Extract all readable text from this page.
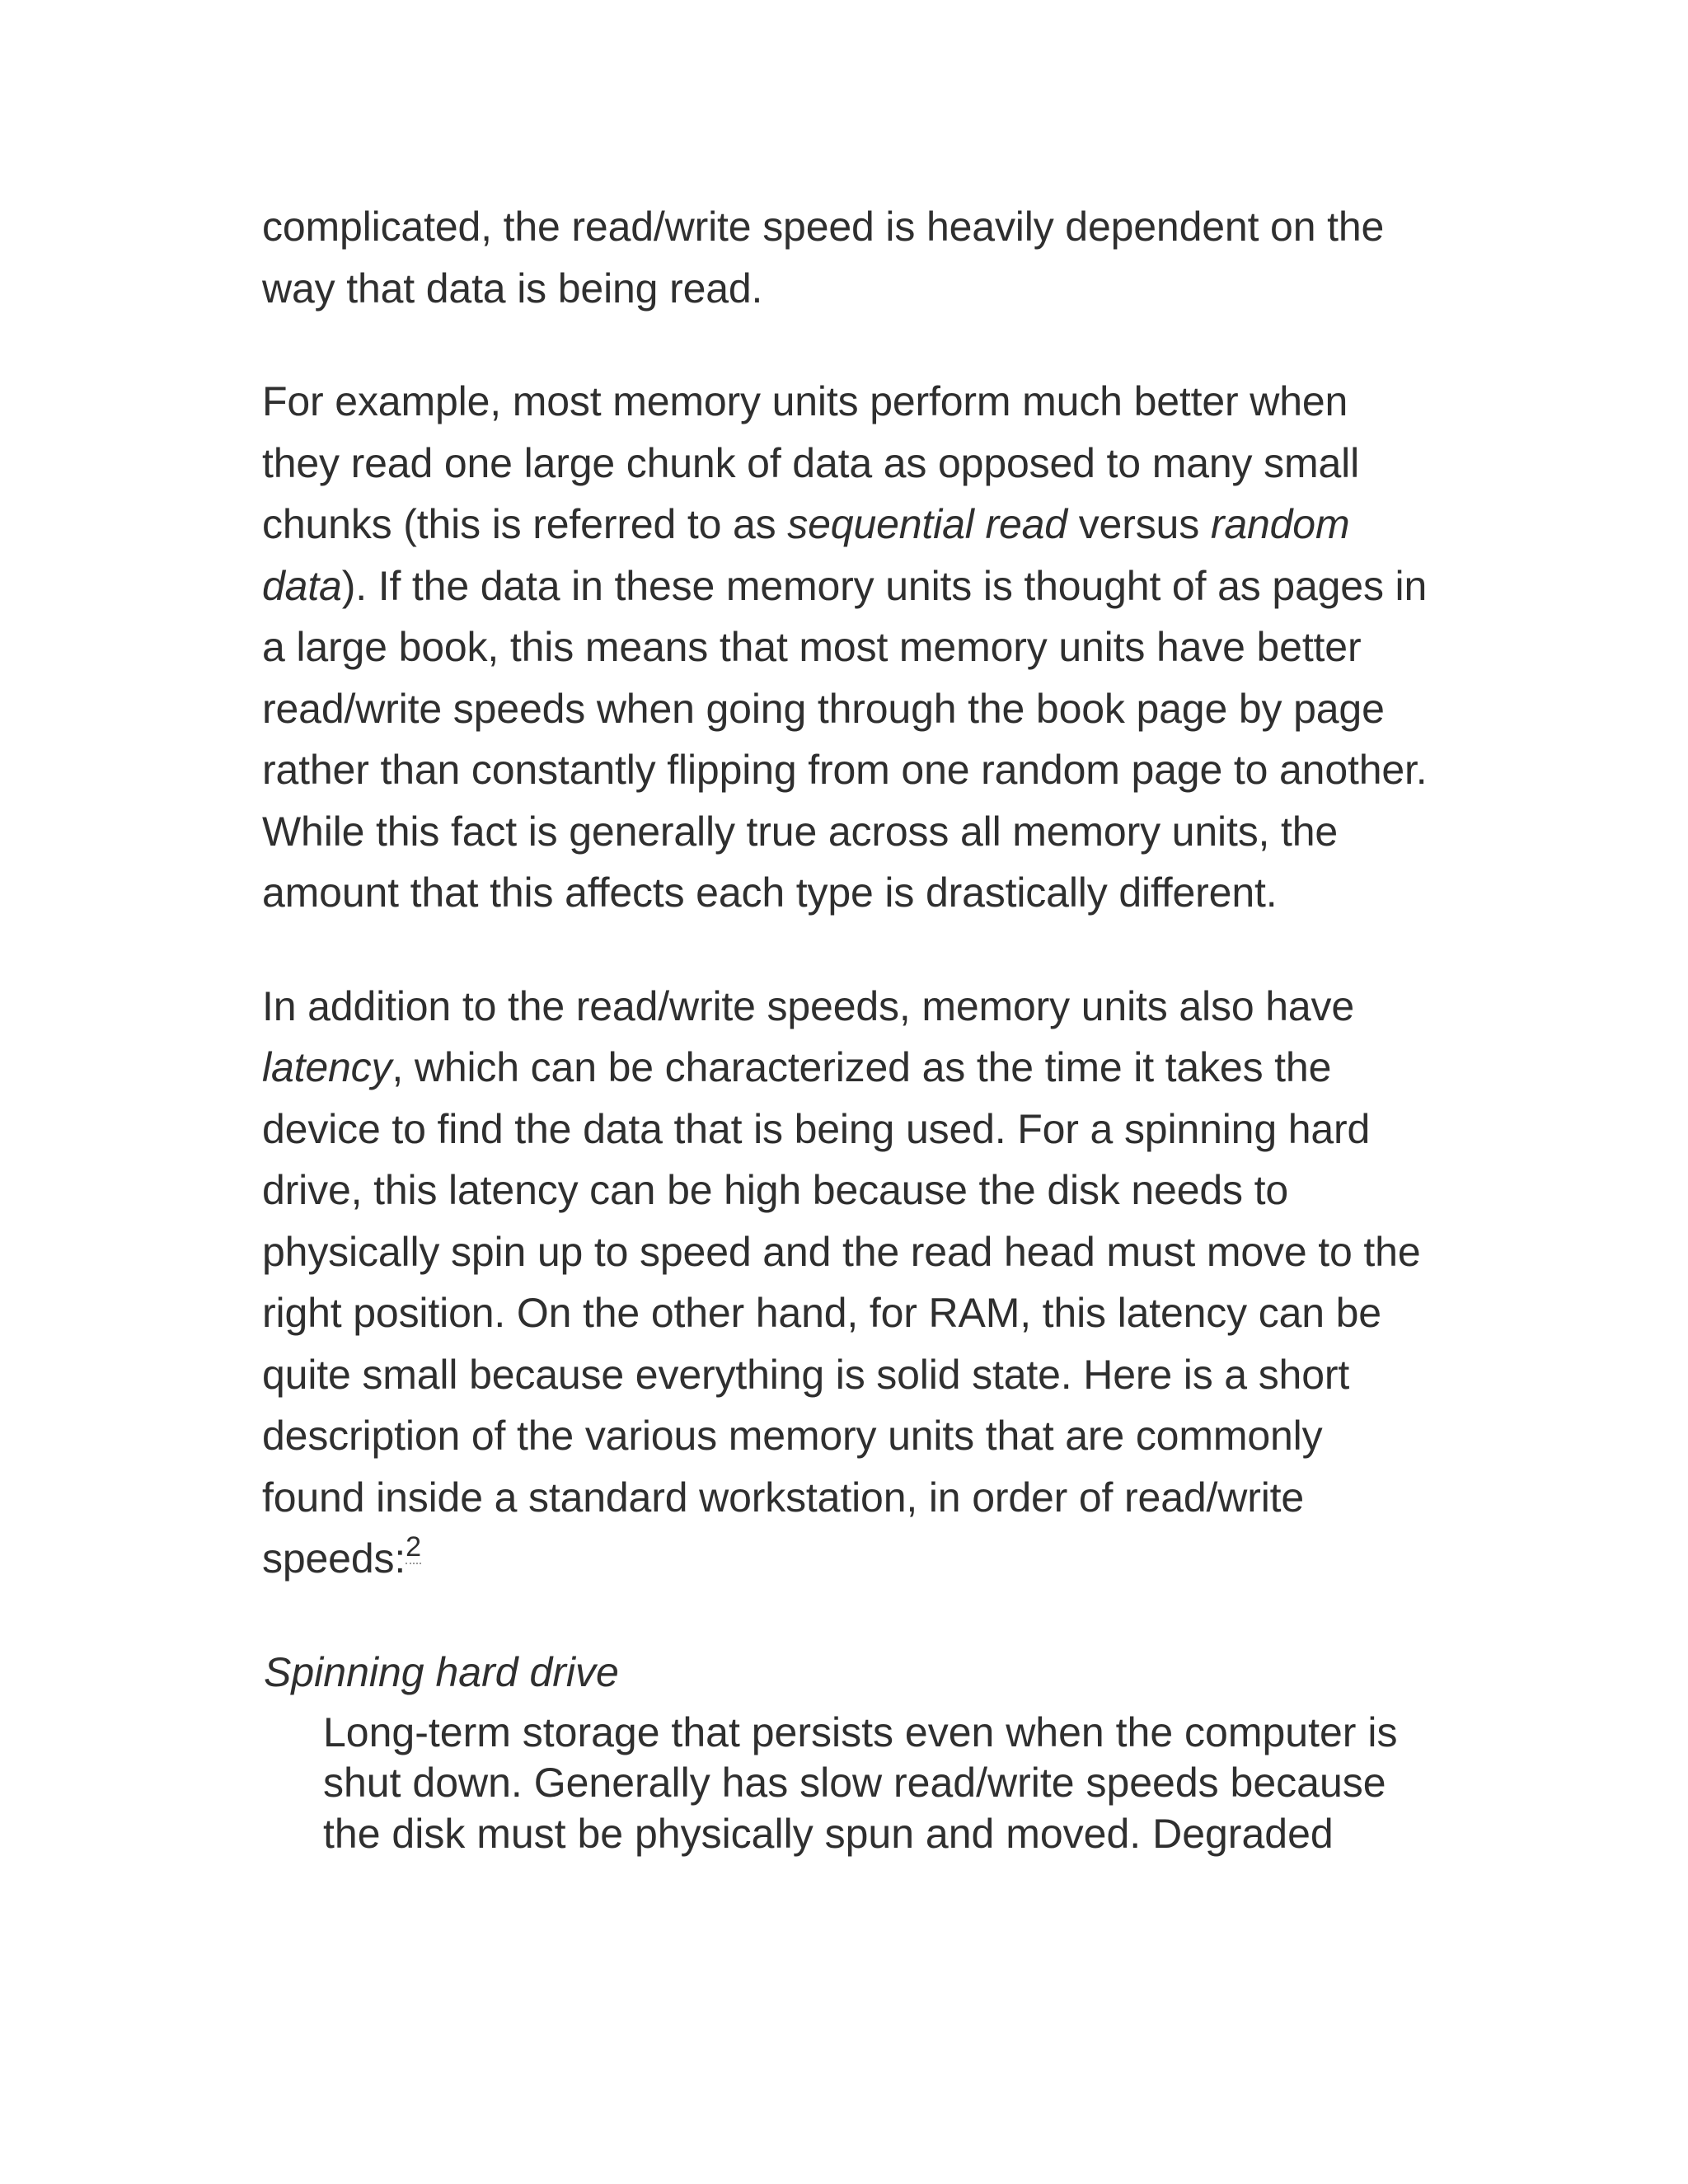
complicated, the read/write speed is heavily dependent on the way that data is being read.

For example, most memory units perform much better when they read one large chunk of data as opposed to many small chunks (this is referred to as sequential read versus random data). If the data in these memory units is thought of as pages in a large book, this means that most memory units have better read/write speeds when going through the book page by page rather than constantly flipping from one random page to another. While this fact is generally true across all memory units, the amount that this affects each type is drastically different.

In addition to the read/write speeds, memory units also have latency, which can be characterized as the time it takes the device to find the data that is being used. For a spinning hard drive, this latency can be high because the disk needs to physically spin up to speed and the read head must move to the right position. On the other hand, for RAM, this latency can be quite small because everything is solid state. Here is a short description of the various memory units that are commonly found inside a standard workstation, in order of read/write speeds:$^2$

Spinning hard drive
Long-term storage that persists even when the computer is shut down. Generally has slow read/write speeds because the disk must be physically spun and moved. Degraded
